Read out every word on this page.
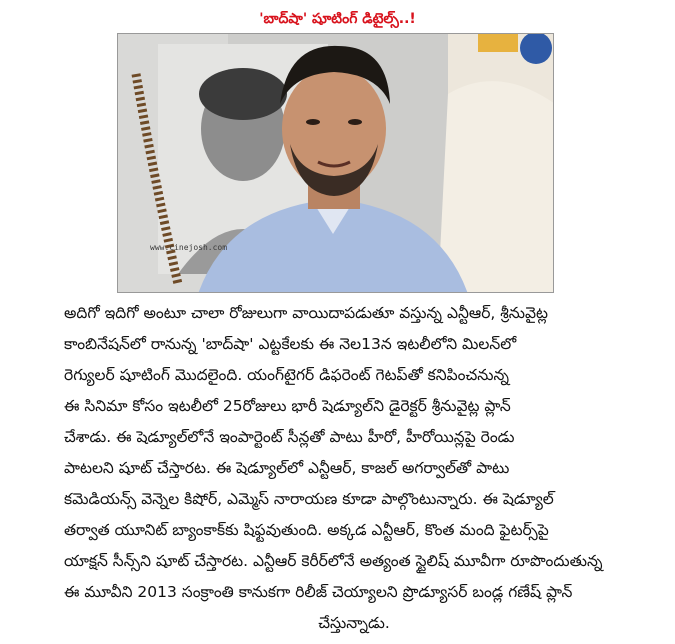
'బాద్‌షా' షూటింగ్ డిటైల్స్..!
www.cinejosh.com
అదిగో ఇదిగో అంటూ చాలా రోజులుగా వాయిదాపడుతూ వస్తున్న ఎన్టీఆర్, శ్రీనువైట్ల
కాంబినేషన్‌లో రానున్న 'బాద్‌షా' ఎట్టకేలకు ఈ నెల13న ఇటలీలోని మిలన్‌లో
రెగ్యులర్ షూటింగ్ మొదలైంది. యంగ్‌టైగర్ డిఫరెంట్ గెటప్‌తో కనిపించనున్న
ఈ సినిమా కోసం ఇటలీలో 25రోజులు భారీ షెడ్యూల్‌ని డైరెక్టర్ శ్రీనువైట్ల ప్లాన్
చేశాడు. ఈ షెడ్యూల్‌లోనే ఇంపార్టెంట్ సీన్లతో పాటు హీరో, హీరోయిన్లపై రెండు
పాటలని షూట్ చేస్తారట. ఈ షెడ్యూల్‌లో ఎన్టీఆర్, కాజల్ అగర్వాల్‌తో పాటు
కమెడియన్స్ వెన్నెల కిషోర్, ఎమ్మెస్ నారాయణ కూడా పాల్గొంటున్నారు. ఈ షెడ్యూల్
తర్వాత యూనిట్ బ్యాంకాక్‌కు షిఫ్టవుతుంది. అక్కడ ఎన్టీఆర్, కొంత మంది ఫైటర్స్‌పై
యాక్షన్ సీన్స్‌ని షూట్ చేస్తారట. ఎన్టీఆర్ కెరీర్‌లోనే అత్యంత స్టైలిష్ మూవీగా రూపొందుతున్న
ఈ మూవీని 2013 సంక్రాంతి కానుకగా రిలీజ్ చెయ్యాలని ప్రొడ్యూసర్ బండ్ల గణేష్ ప్లాన్
చేస్తున్నాడు.
